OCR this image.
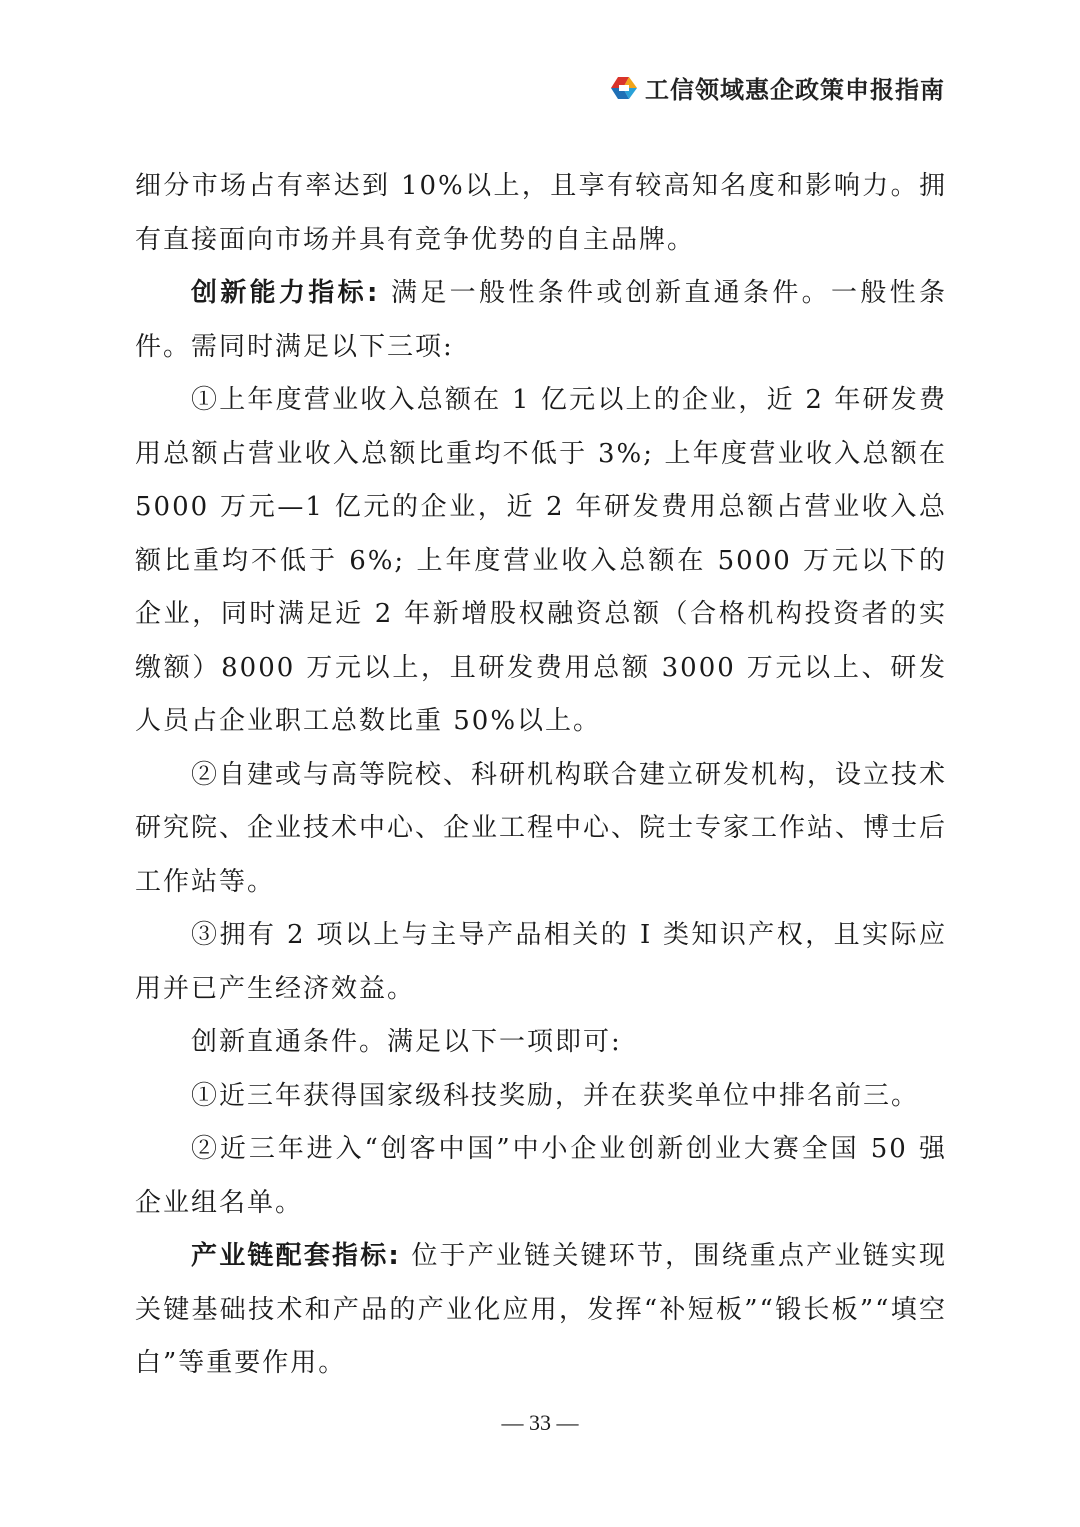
工信领域惠企政策申报指南

细分市场占有率达到 10%以上，且享有较高知名度和影响力。拥有直接面向市场并具有竞争优势的自主品牌。

创新能力指标: 满足一般性条件或创新直通条件。一般性条件。需同时满足以下三项:

①上年度营业收入总额在 1 亿元以上的企业，近 2 年研发费用总额占营业收入总额比重均不低于 3%; 上年度营业收入总额在 5000 万元—1 亿元的企业，近 2 年研发费用总额占营业收入总额比重均不低于 6%; 上年度营业收入总额在 5000 万元以下的企业，同时满足近 2 年新增股权融资总额（合格机构投资者的实缴额）8000 万元以上，且研发费用总额 3000 万元以上、研发人员占企业职工总数比重 50%以上。

②自建或与高等院校、科研机构联合建立研发机构，设立技术研究院、企业技术中心、企业工程中心、院士专家工作站、博士后工作站等。

③拥有 2 项以上与主导产品相关的 I 类知识产权，且实际应用并已产生经济效益。

创新直通条件。满足以下一项即可:

①近三年获得国家级科技奖励，并在获奖单位中排名前三。

②近三年进入“创客中国”中小企业创新创业大赛全国 50 强企业组名单。

产业链配套指标: 位于产业链关键环节，围绕重点产业链实现关键基础技术和产品的产业化应用，发挥“补短板”“锻长板”“填空白”等重要作用。

— 33 —
